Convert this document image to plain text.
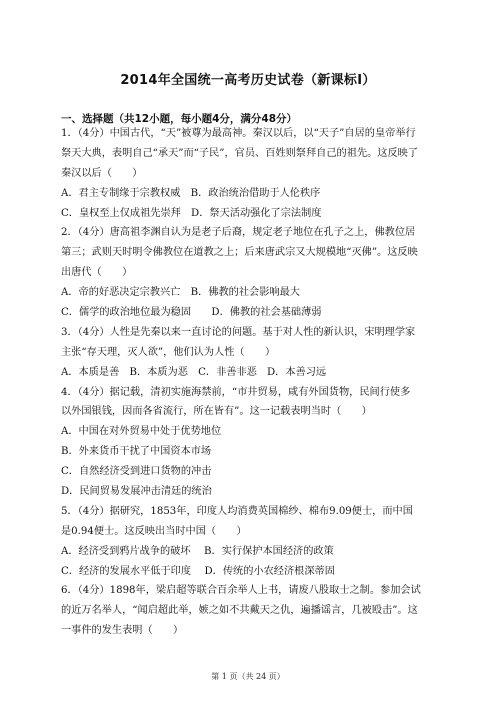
2014年全国统一高考历史试卷（新课标Ⅰ）
一、选择题（共12小题，每小题4分，满分48分）
1．（4分）中国古代，“天”被尊为最高神。秦汉以后，以“天子”自居的皇帝举行
祭天大典，表明自己“承天”而“子民”，官员、百姓则祭拜自己的祖先。这反映了
秦汉以后（　　）
A．君主专制缘于宗教权威　B．政治统治借助于人伦秩序
C．皇权至上仅成祖先崇拜　D．祭天活动强化了宗法制度
2．（4分）唐高祖李渊自认为是老子后裔，规定老子地位在孔子之上，佛教位居
第三；武则天时明令佛教位在道教之上；后来唐武宗又大规模地“灭佛”。这反映
出唐代（　　）
A．帝的好恶决定宗教兴亡　B．佛教的社会影响最大
C．儒学的政治地位最为稳固　　D．佛教的社会基础薄弱
3．（4分）人性是先秦以来一直讨论的问题。基于对人性的新认识，宋明理学家
主张“存天理，灭人欲”，他们认为人性（　　）
A．本质是善　B．本质为恶　C．非善非恶　D．本善习远
4．（4分）据记载，清初实施海禁前，“市井贸易，咸有外国货物，民间行使多
以外国银钱，因而各省流行，所在皆有”。这一记载表明当时（　　）
A．中国在对外贸易中处于优势地位
B．外来货币干扰了中国资本市场
C．自然经济受到进口货物的冲击
D．民间贸易发展冲击清廷的统治
5．（4分）据研究，1853年，印度人均消费英国棉纱、棉布9.09便士，而中国
是0.94便士。这反映出当时中国（　　）
A．经济受到鸦片战争的破坏　 B．实行保护本国经济的政策
C．经济的发展水平低于印度　 D．传统的小农经济根深蒂固
6．（4分）1898年，梁启超等联合百余举人上书，请废八股取士之制。参加会试
的近万名举人，“闻启超此举，嫉之如不共戴天之仇，遍播谣言，几被殴击”。这
一事件的发生表明（　　）
第 1 页（共 24 页）
